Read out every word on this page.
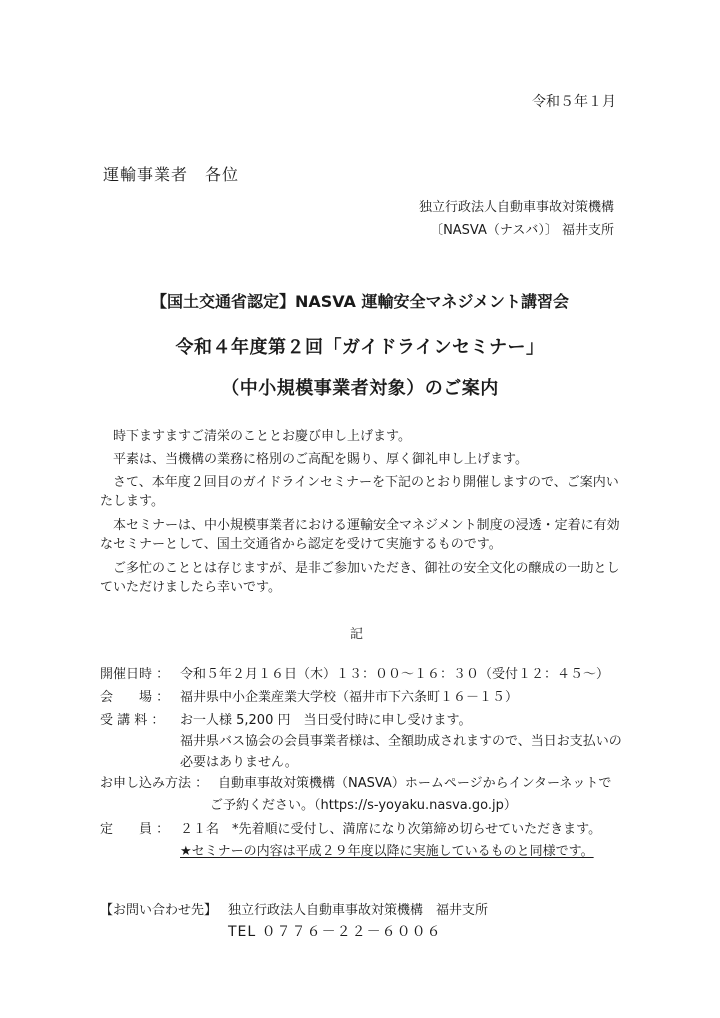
令和５年１月
運輸事業者　各位
独立行政法人自動車事故対策機構
〔NASVA（ナスバ）〕 福井支所
【国土交通省認定】NASVA 運輸安全マネジメント講習会
令和４年度第２回「ガイドラインセミナー」
（中小規模事業者対象）のご案内
時下ますますご清栄のこととお慶び申し上げます。
平素は、当機構の業務に格別のご高配を賜り、厚く御礼申し上げます。
さて、本年度２回目のガイドラインセミナーを下記のとおり開催しますので、ご案内いたします。
本セミナーは、中小規模事業者における運輸安全マネジメント制度の浸透・定着に有効なセミナーとして、国土交通省から認定を受けて実施するものです。
ご多忙のこととは存じますが、是非ご参加いただき、御社の安全文化の醸成の一助としていただけましたら幸いです。
記
開催日時 ： 令和５年２月１６日（木）１３：００～１６：３０（受付１２：４５～）
会　　場 ： 福井県中小企業産業大学校（福井市下六条町１６－１５）
受 講 料 ： お一人様 5,200 円　当日受付時に申し受けます。
福井県バス協会の会員事業者様は、全額助成されますので、当日お支払いの
必要はありません。
お申し込み方法 ： 自動車事故対策機構（NASVA）ホームページからインターネットで
ご予約ください。（https://s-yoyaku.nasva.go.jp）
定　　員 ： ２１名　*先着順に受付し、満席になり次第締め切らせていただきます。
★セミナーの内容は平成２９年度以降に実施しているものと同様です。
【お問い合わせ先】 独立行政法人自動車事故対策機構　福井支所
TEL ０７７６－２２－６００６
